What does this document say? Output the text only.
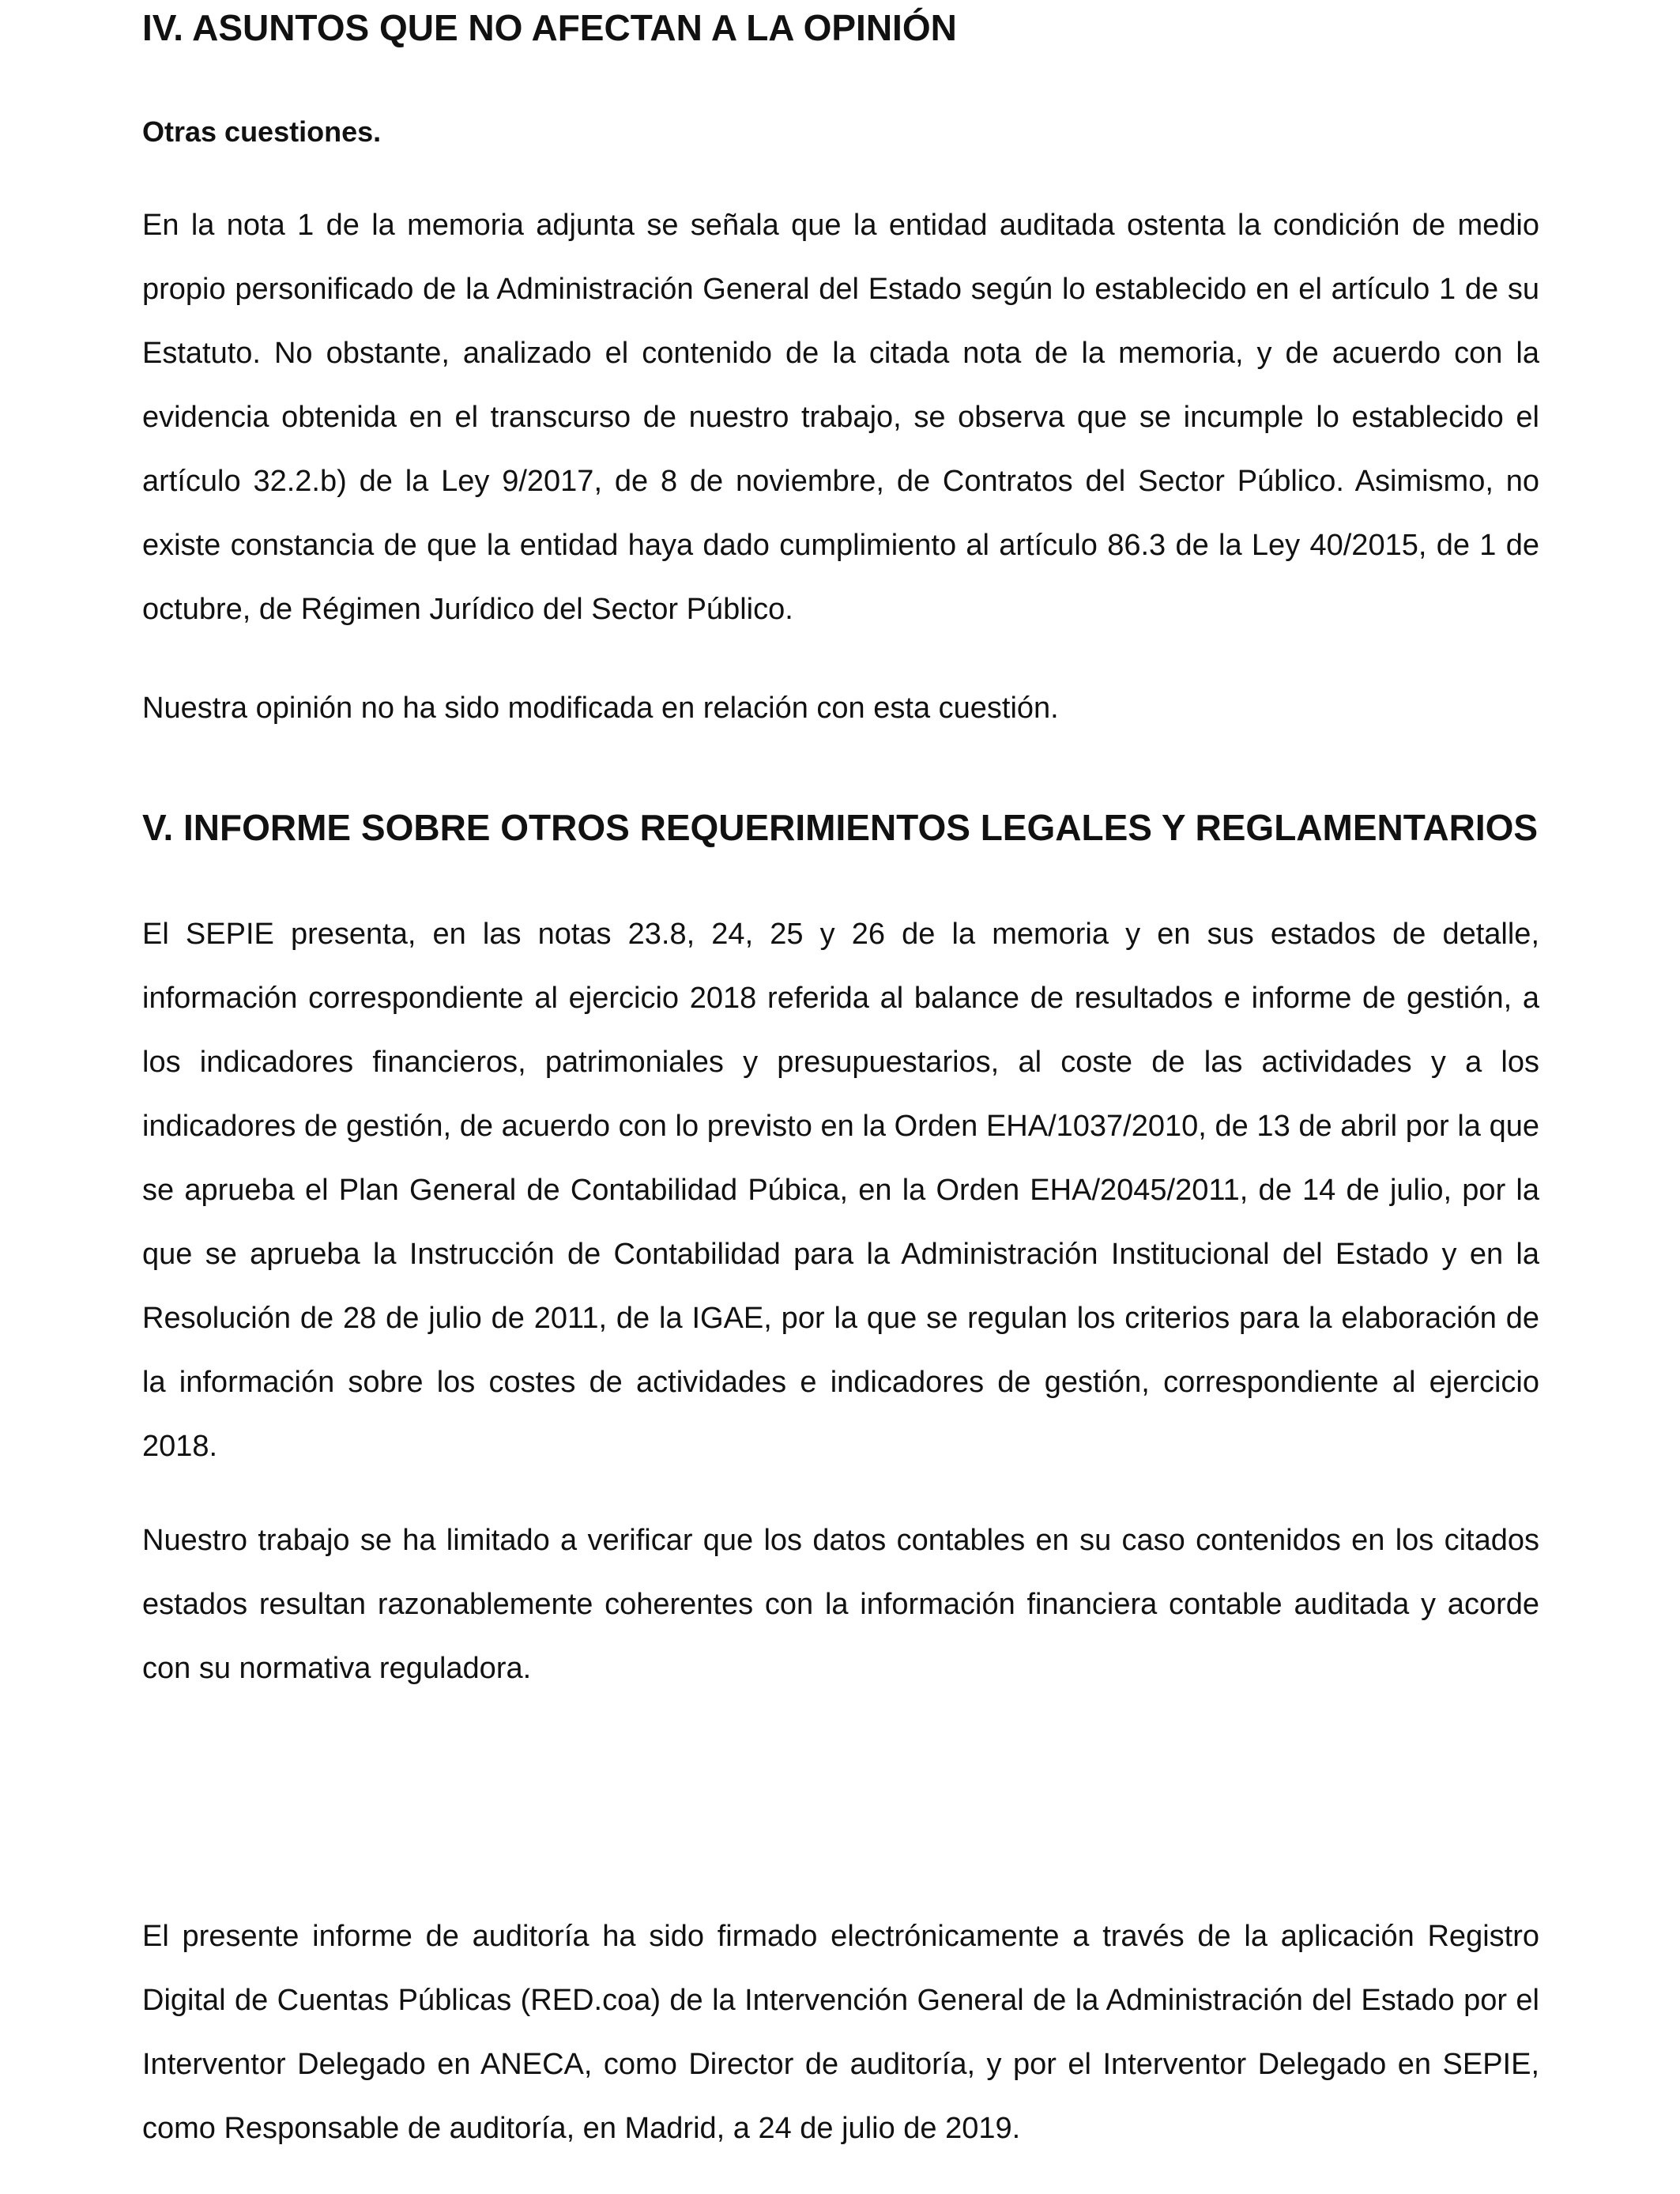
IV. ASUNTOS QUE NO AFECTAN A LA OPINIÓN
Otras cuestiones.

En la nota 1 de la memoria adjunta se señala que la entidad auditada ostenta la condición de medio propio personificado de la Administración General del Estado según lo establecido en el artículo 1 de su Estatuto. No obstante, analizado el contenido de la citada nota de la memoria, y de acuerdo con la evidencia obtenida en el transcurso de nuestro trabajo, se observa que se incumple lo establecido el artículo 32.2.b) de la Ley 9/2017, de 8 de noviembre, de Contratos del Sector Público. Asimismo, no existe constancia de que la entidad haya dado cumplimiento al artículo 86.3 de la Ley 40/2015, de 1 de octubre, de Régimen Jurídico del Sector Público.

Nuestra opinión no ha sido modificada en relación con esta cuestión.

V. INFORME SOBRE OTROS REQUERIMIENTOS LEGALES Y REGLAMENTARIOS

El SEPIE presenta, en las notas 23.8, 24, 25 y 26 de la memoria y en sus estados de detalle, información correspondiente al ejercicio 2018 referida al balance de resultados e informe de gestión, a los indicadores financieros, patrimoniales y presupuestarios, al coste de las actividades y a los indicadores de gestión, de acuerdo con lo previsto en la Orden EHA/1037/2010, de 13 de abril por la que se aprueba el Plan General de Contabilidad Púbica, en la Orden EHA/2045/2011, de 14 de julio, por la que se aprueba la Instrucción de Contabilidad para la Administración Institucional del Estado y en la Resolución de 28 de julio de 2011, de la IGAE, por la que se regulan los criterios para la elaboración de la información sobre los costes de actividades e indicadores de gestión, correspondiente al ejercicio 2018.

Nuestro trabajo se ha limitado a verificar que los datos contables en su caso contenidos en los citados estados resultan razonablemente coherentes con la información financiera contable auditada y acorde con su normativa reguladora.

El presente informe de auditoría ha sido firmado electrónicamente a través de la aplicación Registro Digital de Cuentas Públicas (RED.coa) de la Intervención General de la Administración del Estado por el Interventor Delegado en ANECA, como Director de auditoría, y por el Interventor Delegado en SEPIE, como Responsable de auditoría, en Madrid, a 24 de julio de 2019.
